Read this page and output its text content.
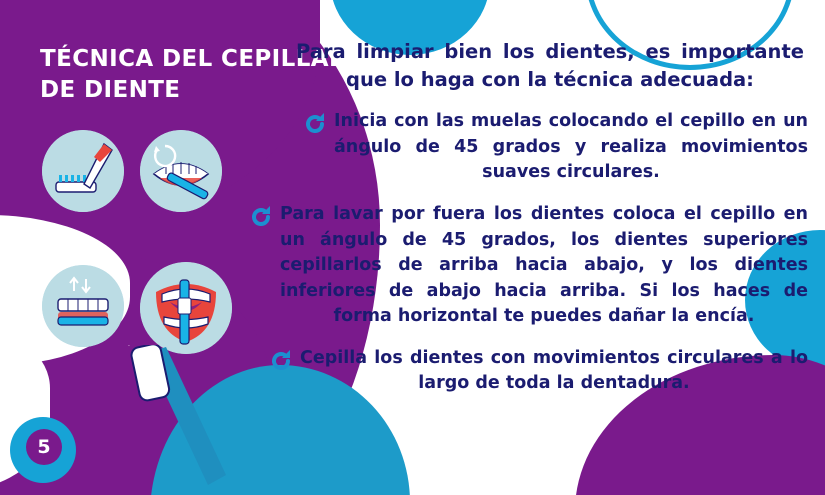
TÉCNICA DEL CEPILLADO
DE DIENTE
5

Para limpiar bien los dientes, es importante que lo haga con la técnica adecuada:

Inicia con las muelas colocando el cepillo en un ángulo de 45 grados y realiza movimientos suaves circulares.

Para lavar por fuera los dientes coloca el cepillo en un ángulo de 45 grados, los dientes superiores cepillarlos de arriba hacia abajo, y los dientes inferiores de abajo hacia arriba. Si los haces de forma horizontal te puedes dañar la encía.

Cepilla los dientes con movimientos circulares a lo largo de toda la dentadura.
